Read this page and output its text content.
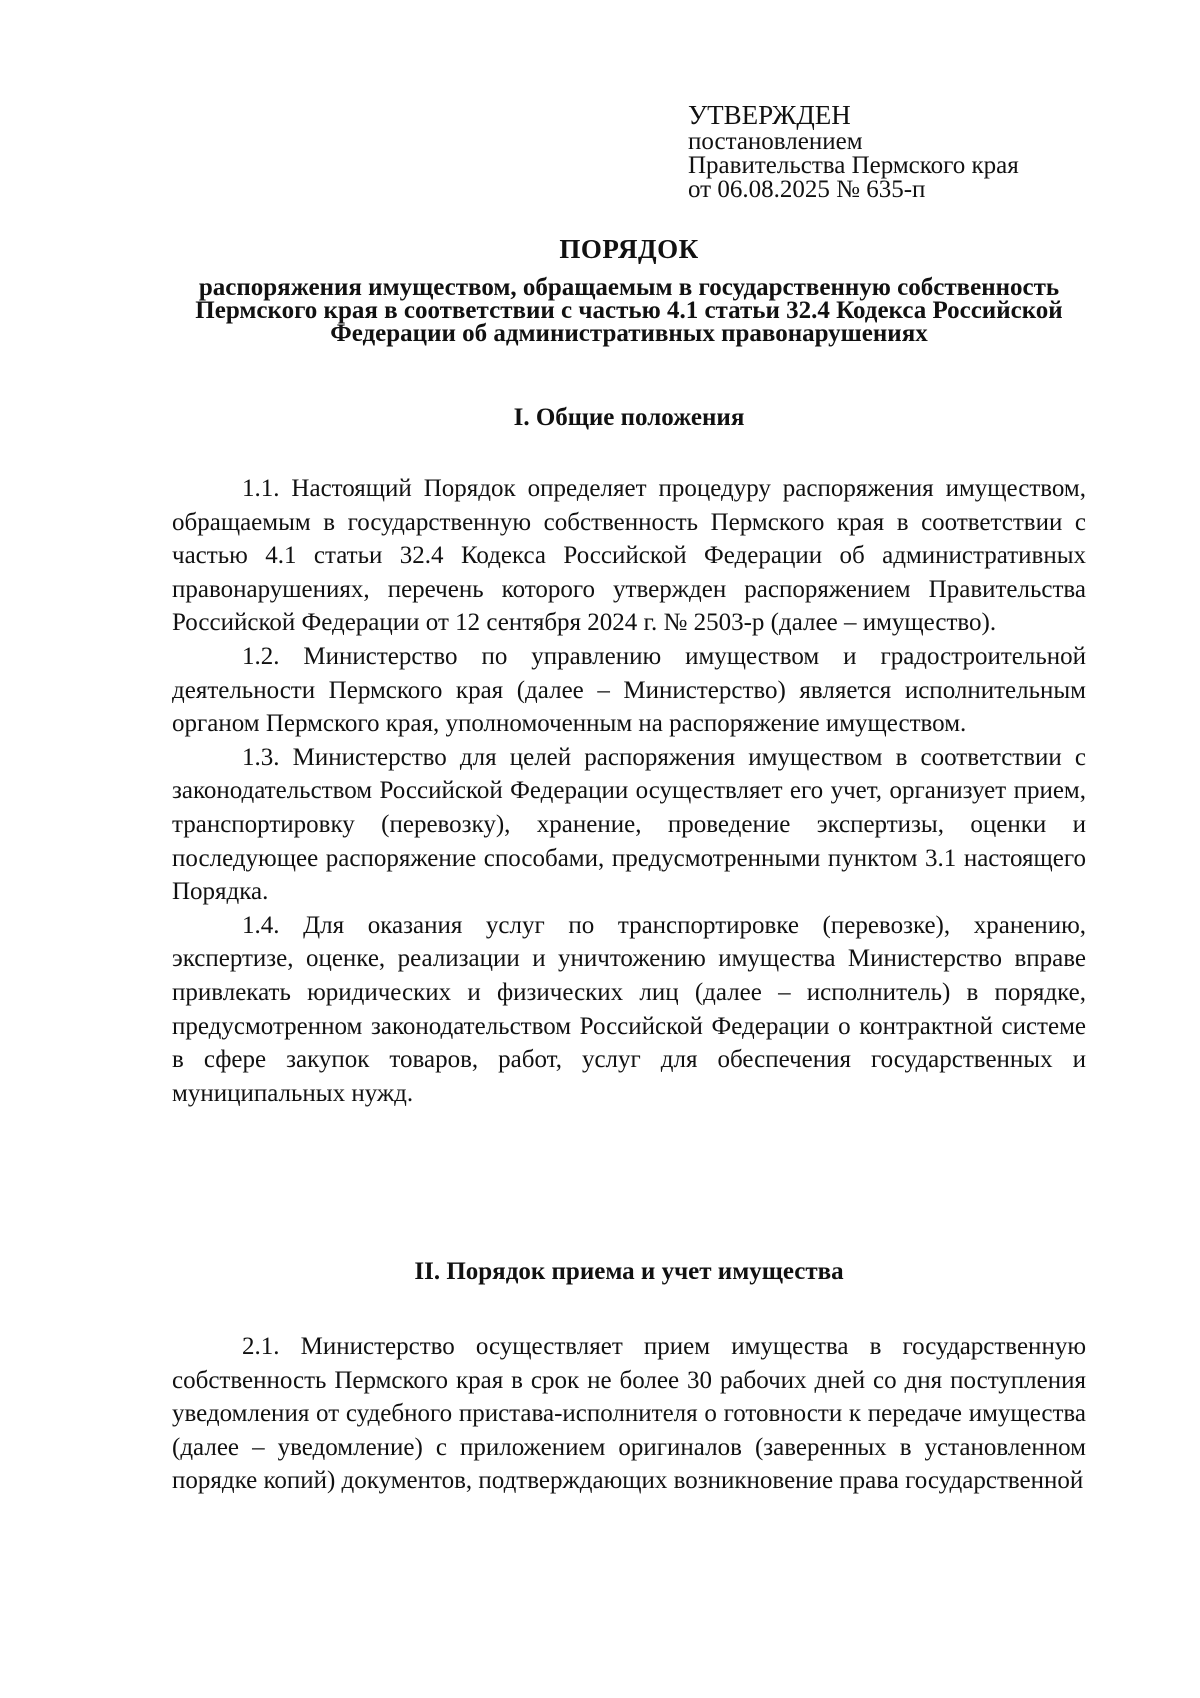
УТВЕРЖДЕН
постановлением
Правительства Пермского края
от 06.08.2025 № 635-п
ПОРЯДОК
распоряжения имуществом, обращаемым в государственную собственность Пермского края в соответствии с частью 4.1 статьи 32.4 Кодекса Российской Федерации об административных правонарушениях
I. Общие положения

1.1. Настоящий Порядок определяет процедуру распоряжения имуществом, обращаемым в государственную собственность Пермского края в соответствии с частью 4.1 статьи 32.4 Кодекса Российской Федерации об административных правонарушениях, перечень которого утвержден распоряжением Правительства Российской Федерации от 12 сентября 2024 г. № 2503-р (далее – имущество).

1.2. Министерство по управлению имуществом и градостроительной деятельности Пермского края (далее – Министерство) является исполнительным органом Пермского края, уполномоченным на распоряжение имуществом.

1.3. Министерство для целей распоряжения имуществом в соответствии с законодательством Российской Федерации осуществляет его учет, организует прием, транспортировку (перевозку), хранение, проведение экспертизы, оценки и последующее распоряжение способами, предусмотренными пунктом 3.1 настоящего Порядка.

1.4. Для оказания услуг по транспортировке (перевозке), хранению, экспертизе, оценке, реализации и уничтожению имущества Министерство вправе привлекать юридических и физических лиц (далее – исполнитель) в порядке, предусмотренном законодательством Российской Федерации о контрактной системе в сфере закупок товаров, работ, услуг для обеспечения государственных и муниципальных нужд.

II. Порядок приема и учет имущества

2.1. Министерство осуществляет прием имущества в государственную собственность Пермского края в срок не более 30 рабочих дней со дня поступления уведомления от судебного пристава-исполнителя о готовности к передаче имущества (далее – уведомление) с приложением оригиналов (заверенных в установленном порядке копий) документов, подтверждающих возникновение права государственной
